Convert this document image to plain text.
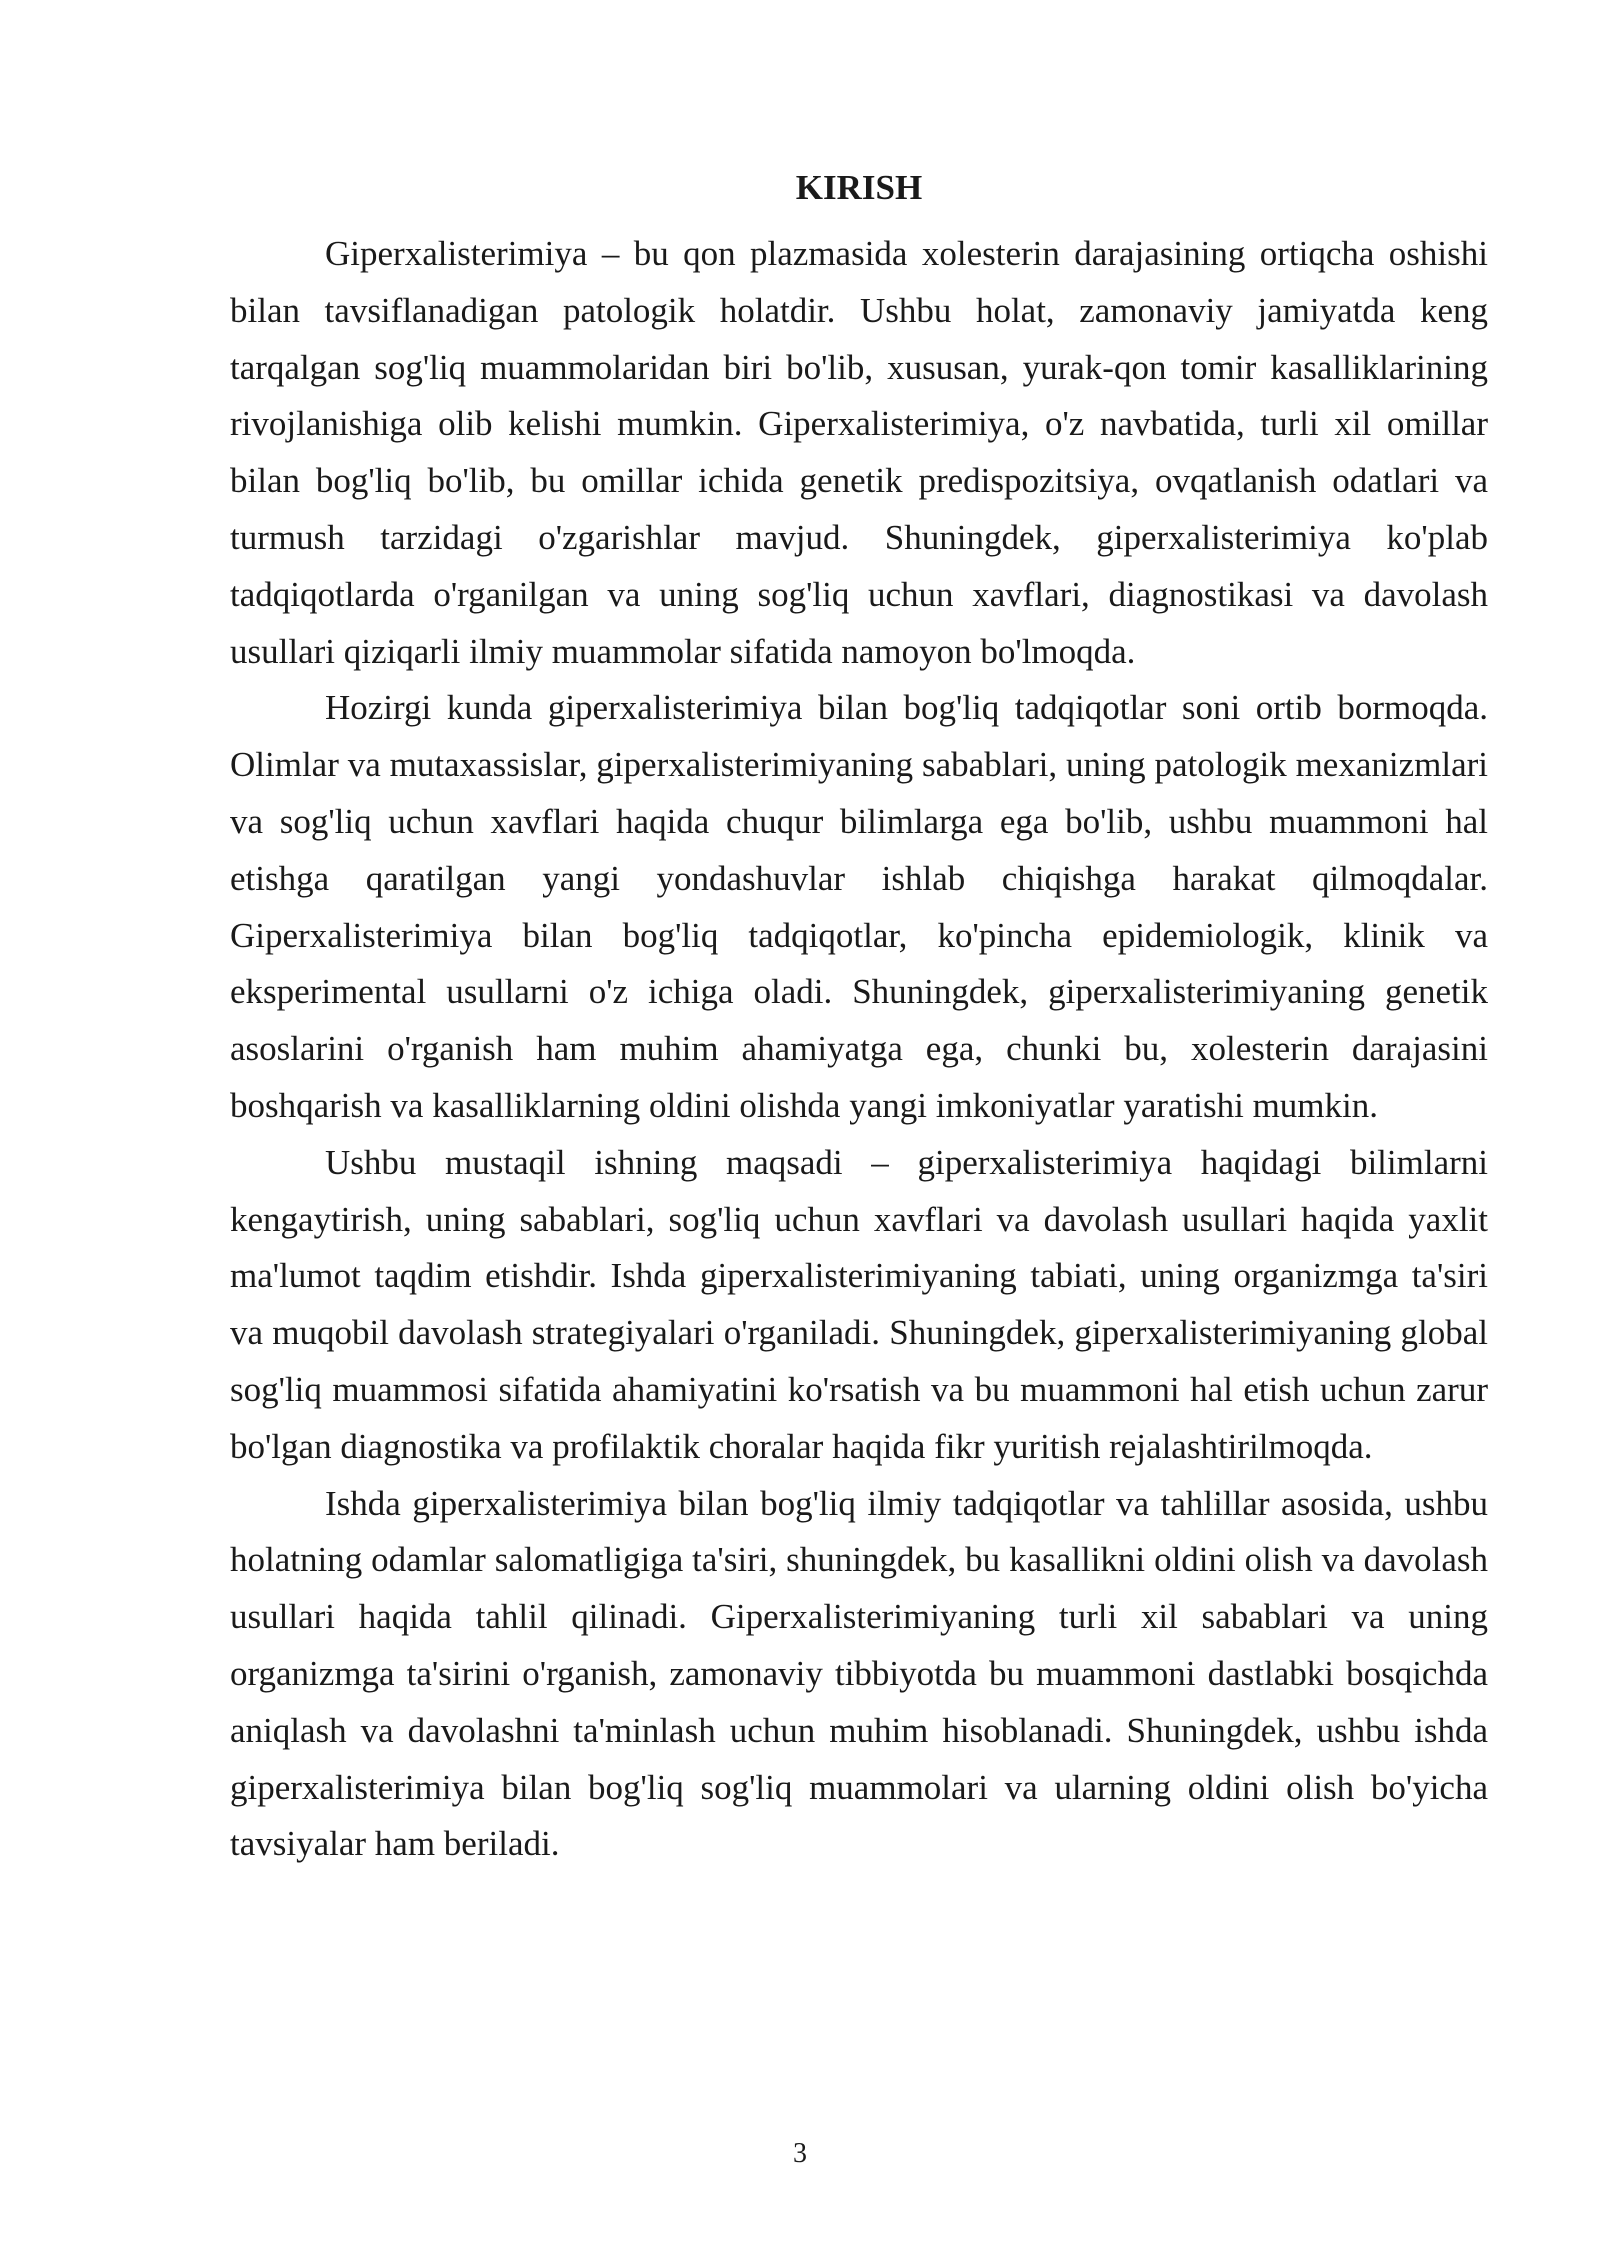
KIRISH

Giperxalisterimiya – bu qon plazmasida xolesterin darajasining ortiqcha oshishi bilan tavsiflanadigan patologik holatdir. Ushbu holat, zamonaviy jamiyatda keng tarqalgan sog'liq muammolaridan biri bo'lib, xususan, yurak-qon tomir kasalliklarining rivojlanishiga olib kelishi mumkin. Giperxalisterimiya, o'z navbatida, turli xil omillar bilan bog'liq bo'lib, bu omillar ichida genetik predispozitsiya, ovqatlanish odatlari va turmush tarzidagi o'zgarishlar mavjud. Shuningdek, giperxalisterimiya ko'plab tadqiqotlarda o'rganilgan va uning sog'liq uchun xavflari, diagnostikasi va davolash usullari qiziqarli ilmiy muammolar sifatida namoyon bo'lmoqda.

Hozirgi kunda giperxalisterimiya bilan bog'liq tadqiqotlar soni ortib bormoqda. Olimlar va mutaxassislar, giperxalisterimiyaning sabablari, uning patologik mexanizmlari va sog'liq uchun xavflari haqida chuqur bilimlarga ega bo'lib, ushbu muammoni hal etishga qaratilgan yangi yondashuvlar ishlab chiqishga harakat qilmoqdalar. Giperxalisterimiya bilan bog'liq tadqiqotlar, ko'pincha epidemiologik, klinik va eksperimental usullarni o'z ichiga oladi. Shuningdek, giperxalisterimiyaning genetik asoslarini o'rganish ham muhim ahamiyatga ega, chunki bu, xolesterin darajasini boshqarish va kasalliklarning oldini olishda yangi imkoniyatlar yaratishi mumkin.

Ushbu mustaqil ishning maqsadi – giperxalisterimiya haqidagi bilimlarni kengaytirish, uning sabablari, sog'liq uchun xavflari va davolash usullari haqida yaxlit ma'lumot taqdim etishdir. Ishda giperxalisterimiyaning tabiati, uning organizmga ta'siri va muqobil davolash strategiyalari o'rganiladi. Shuningdek, giperxalisterimiyaning global sog'liq muammosi sifatida ahamiyatini ko'rsatish va bu muammoni hal etish uchun zarur bo'lgan diagnostika va profilaktik choralar haqida fikr yuritish rejalashtirilmoqda.

Ishda giperxalisterimiya bilan bog'liq ilmiy tadqiqotlar va tahlillar asosida, ushbu holatning odamlar salomatligiga ta'siri, shuningdek, bu kasallikni oldini olish va davolash usullari haqida tahlil qilinadi. Giperxalisterimiyaning turli xil sabablari va uning organizmga ta'sirini o'rganish, zamonaviy tibbiyotda bu muammoni dastlabki bosqichda aniqlash va davolashni ta'minlash uchun muhim hisoblanadi. Shuningdek, ushbu ishda giperxalisterimiya bilan bog'liq sog'liq muammolari va ularning oldini olish bo'yicha tavsiyalar ham beriladi.

3
